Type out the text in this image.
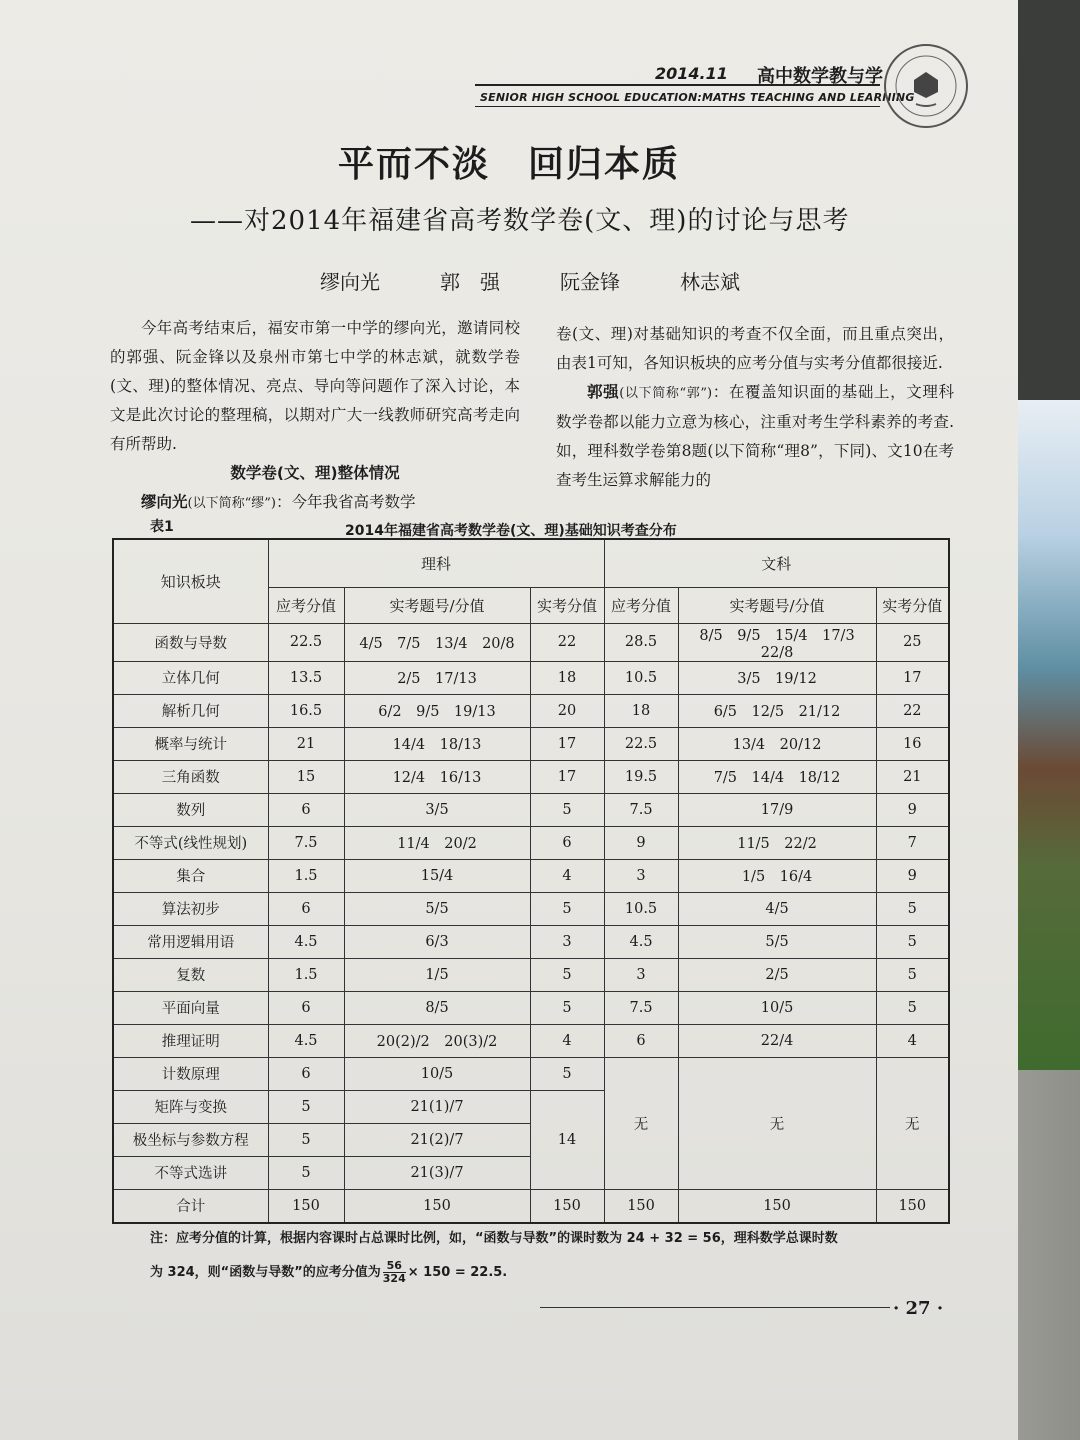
2014.11 高中数学教与学
SENIOR HIGH SCHOOL EDUCATION:MATHS TEACHING AND LEARNING
平而不淡　回归本质
——对2014年福建省高考数学卷(文、理)的讨论与思考
缪向光	郭　强	阮金锋	林志斌
今年高考结束后，福安市第一中学的缪向光，邀请同校的郭强、阮金锋以及泉州市第七中学的林志斌，就数学卷(文、理)的整体情况、亮点、导向等问题作了深入讨论，本文是此次讨论的整理稿，以期对广大一线教师研究高考走向有所帮助.
数学卷(文、理)整体情况
缪向光(以下简称“缪”)：今年我省高考数学
卷(文、理)对基础知识的考查不仅全面，而且重点突出，由表1可知，各知识板块的应考分值与实考分值都很接近.
郭强(以下简称“郭”)：在覆盖知识面的基础上，文理科数学卷都以能力立意为核心，注重对考生学科素养的考查. 如，理科数学卷第8题(以下简称“理8”，下同)、文10在考查考生运算求解能力的
表1	2014年福建省高考数学卷(文、理)基础知识考查分布
知识板块	理科			文科		
	应考分值	实考题号/分值	实考分值	应考分值	实考题号/分值	实考分值
函数与导数	22.5	4/5　7/5　13/4　20/8	22	28.5	8/5　9/5　15/4　17/3　22/8	25
立体几何	13.5	2/5　17/13	18	10.5	3/5　19/12	17
解析几何	16.5	6/2　9/5　19/13	20	18	6/5　12/5　21/12	22
概率与统计	21	14/4　18/13	17	22.5	13/4　20/12	16
三角函数	15	12/4　16/13	17	19.5	7/5　14/4　18/12	21
数列	6	3/5	5	7.5	17/9	9
不等式(线性规划)	7.5	11/4　20/2	6	9	11/5　22/2	7
集合	1.5	15/4	4	3	1/5　16/4	9
算法初步	6	5/5	5	10.5	4/5	5
常用逻辑用语	4.5	6/3	3	4.5	5/5	5
复数	1.5	1/5	5	3	2/5	5
平面向量	6	8/5	5	7.5	10/5	5
推理证明	4.5	20(2)/2　20(3)/2	4	6	22/4	4
计数原理	6	10/5	5	无	无	无
矩阵与变换	5	21(1)/7	14			
极坐标与参数方程	5	21(2)/7				
不等式选讲	5	21(3)/7				
合计	150	150	150	150	150	150
注：应考分值的计算，根据内容课时占总课时比例，如，“函数与导数”的课时数为 24 + 32 = 56，理科数学总课时数
为 324，则“函数与导数”的应考分值为 $\frac{56}{324} \times 150 = 22.5$.
· 27 ·
